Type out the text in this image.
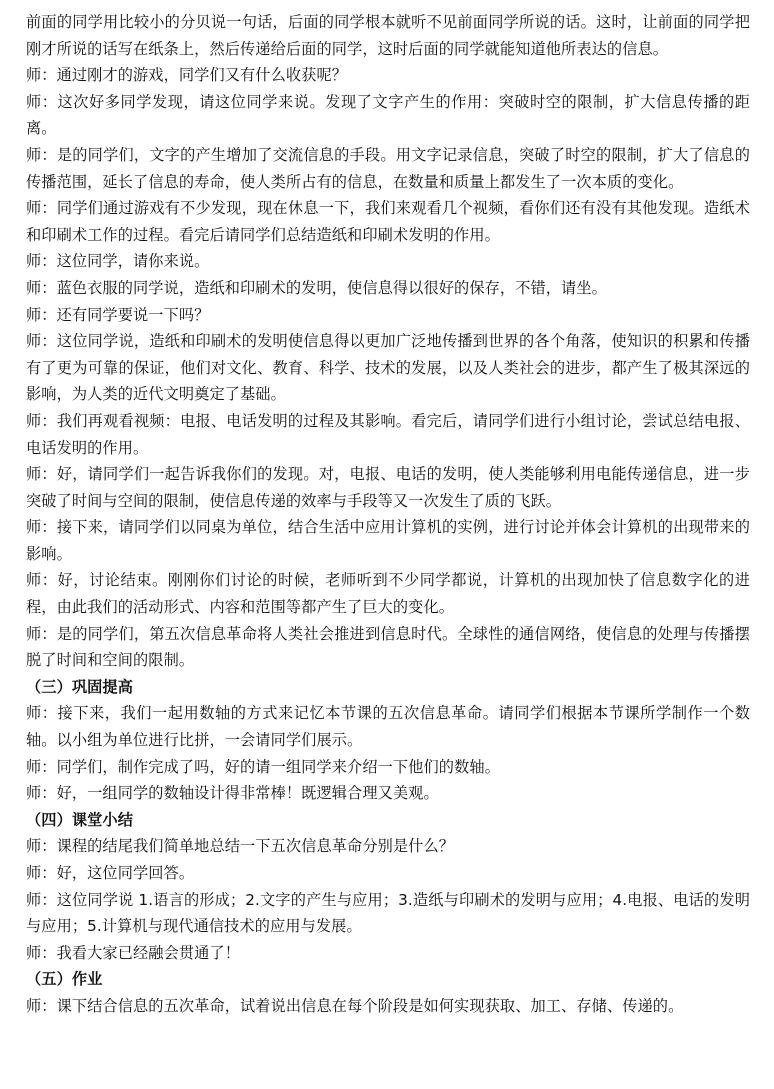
前面的同学用比较小的分贝说一句话，后面的同学根本就听不见前面同学所说的话。这时，让前面的同学把刚才所说的话写在纸条上，然后传递给后面的同学，这时后面的同学就能知道他所表达的信息。

师：通过刚才的游戏，同学们又有什么收获呢？

师：这次好多同学发现，请这位同学来说。发现了文字产生的作用：突破时空的限制，扩大信息传播的距离。

师：是的同学们，文字的产生增加了交流信息的手段。用文字记录信息，突破了时空的限制，扩大了信息的传播范围，延长了信息的寿命，使人类所占有的信息，在数量和质量上都发生了一次本质的变化。

师：同学们通过游戏有不少发现，现在休息一下，我们来观看几个视频，看你们还有没有其他发现。造纸术和印刷术工作的过程。看完后请同学们总结造纸和印刷术发明的作用。

师：这位同学，请你来说。

师：蓝色衣服的同学说，造纸和印刷术的发明，使信息得以很好的保存，不错，请坐。

师：还有同学要说一下吗？

师：这位同学说，造纸和印刷术的发明使信息得以更加广泛地传播到世界的各个角落，使知识的积累和传播有了更为可靠的保证，他们对文化、教育、科学、技术的发展，以及人类社会的进步，都产生了极其深远的影响，为人类的近代文明奠定了基础。

师：我们再观看视频：电报、电话发明的过程及其影响。看完后，请同学们进行小组讨论，尝试总结电报、电话发明的作用。

师：好，请同学们一起告诉我你们的发现。对，电报、电话的发明，使人类能够利用电能传递信息，进一步突破了时间与空间的限制，使信息传递的效率与手段等又一次发生了质的飞跃。

师：接下来，请同学们以同桌为单位，结合生活中应用计算机的实例，进行讨论并体会计算机的出现带来的影响。

师：好，讨论结束。刚刚你们讨论的时候，老师听到不少同学都说，计算机的出现加快了信息数字化的进程，由此我们的活动形式、内容和范围等都产生了巨大的变化。

师：是的同学们，第五次信息革命将人类社会推进到信息时代。全球性的通信网络，使信息的处理与传播摆脱了时间和空间的限制。

（三）巩固提高

师：接下来，我们一起用数轴的方式来记忆本节课的五次信息革命。请同学们根据本节课所学制作一个数轴。以小组为单位进行比拼，一会请同学们展示。

师：同学们，制作完成了吗，好的请一组同学来介绍一下他们的数轴。

师：好，一组同学的数轴设计得非常棒！既逻辑合理又美观。

（四）课堂小结

师：课程的结尾我们简单地总结一下五次信息革命分别是什么？

师：好，这位同学回答。

师：这位同学说 1.语言的形成；2.文字的产生与应用；3.造纸与印刷术的发明与应用；4.电报、电话的发明与应用；5.计算机与现代通信技术的应用与发展。

师：我看大家已经融会贯通了！

（五）作业

师：课下结合信息的五次革命，试着说出信息在每个阶段是如何实现获取、加工、存储、传递的。
